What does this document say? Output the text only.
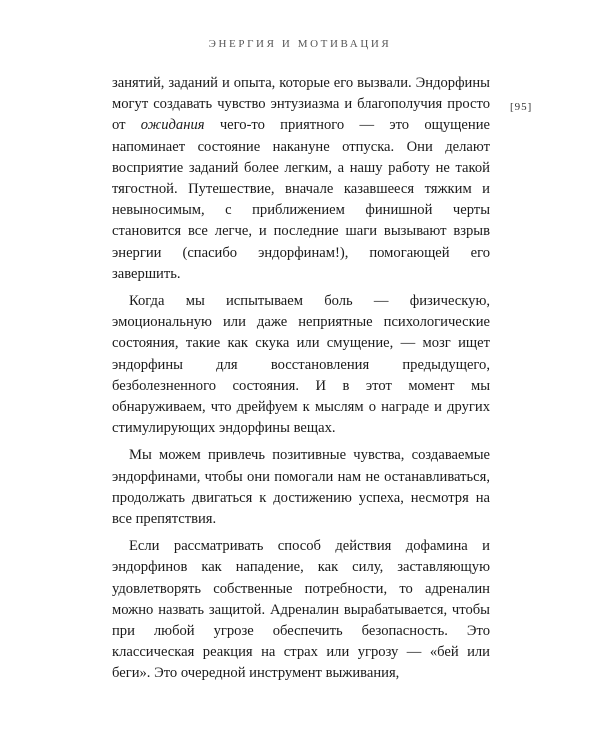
ЭНЕРГИЯ И МОТИВАЦИЯ
[95]

занятий, заданий и опыта, которые его вызвали. Эндорфины могут создавать чувство энтузиазма и благополучия просто от ожидания чего-то приятного — это ощущение напоминает состояние накануне отпуска. Они делают восприятие заданий более легким, а нашу работу не такой тягостной. Путешествие, вначале казавшееся тяжким и невыносимым, с приближением финишной черты становится все легче, и последние шаги вызывают взрыв энергии (спасибо эндорфинам!), помогающей его завершить.

Когда мы испытываем боль — физическую, эмоциональную или даже неприятные психологические состояния, такие как скука или смущение, — мозг ищет эндорфины для восстановления предыдущего, безболезненного состояния. И в этот момент мы обнаруживаем, что дрейфуем к мыслям о награде и других стимулирующих эндорфины вещах.

Мы можем привлечь позитивные чувства, создаваемые эндорфинами, чтобы они помогали нам не останавливаться, продолжать двигаться к достижению успеха, несмотря на все препятствия.

Если рассматривать способ действия дофамина и эндорфинов как нападение, как силу, заставляющую удовлетворять собственные потребности, то адреналин можно назвать защитой. Адреналин вырабатывается, чтобы при любой угрозе обеспечить безопасность. Это классическая реакция на страх или угрозу — «бей или беги». Это очередной инструмент выживания,
